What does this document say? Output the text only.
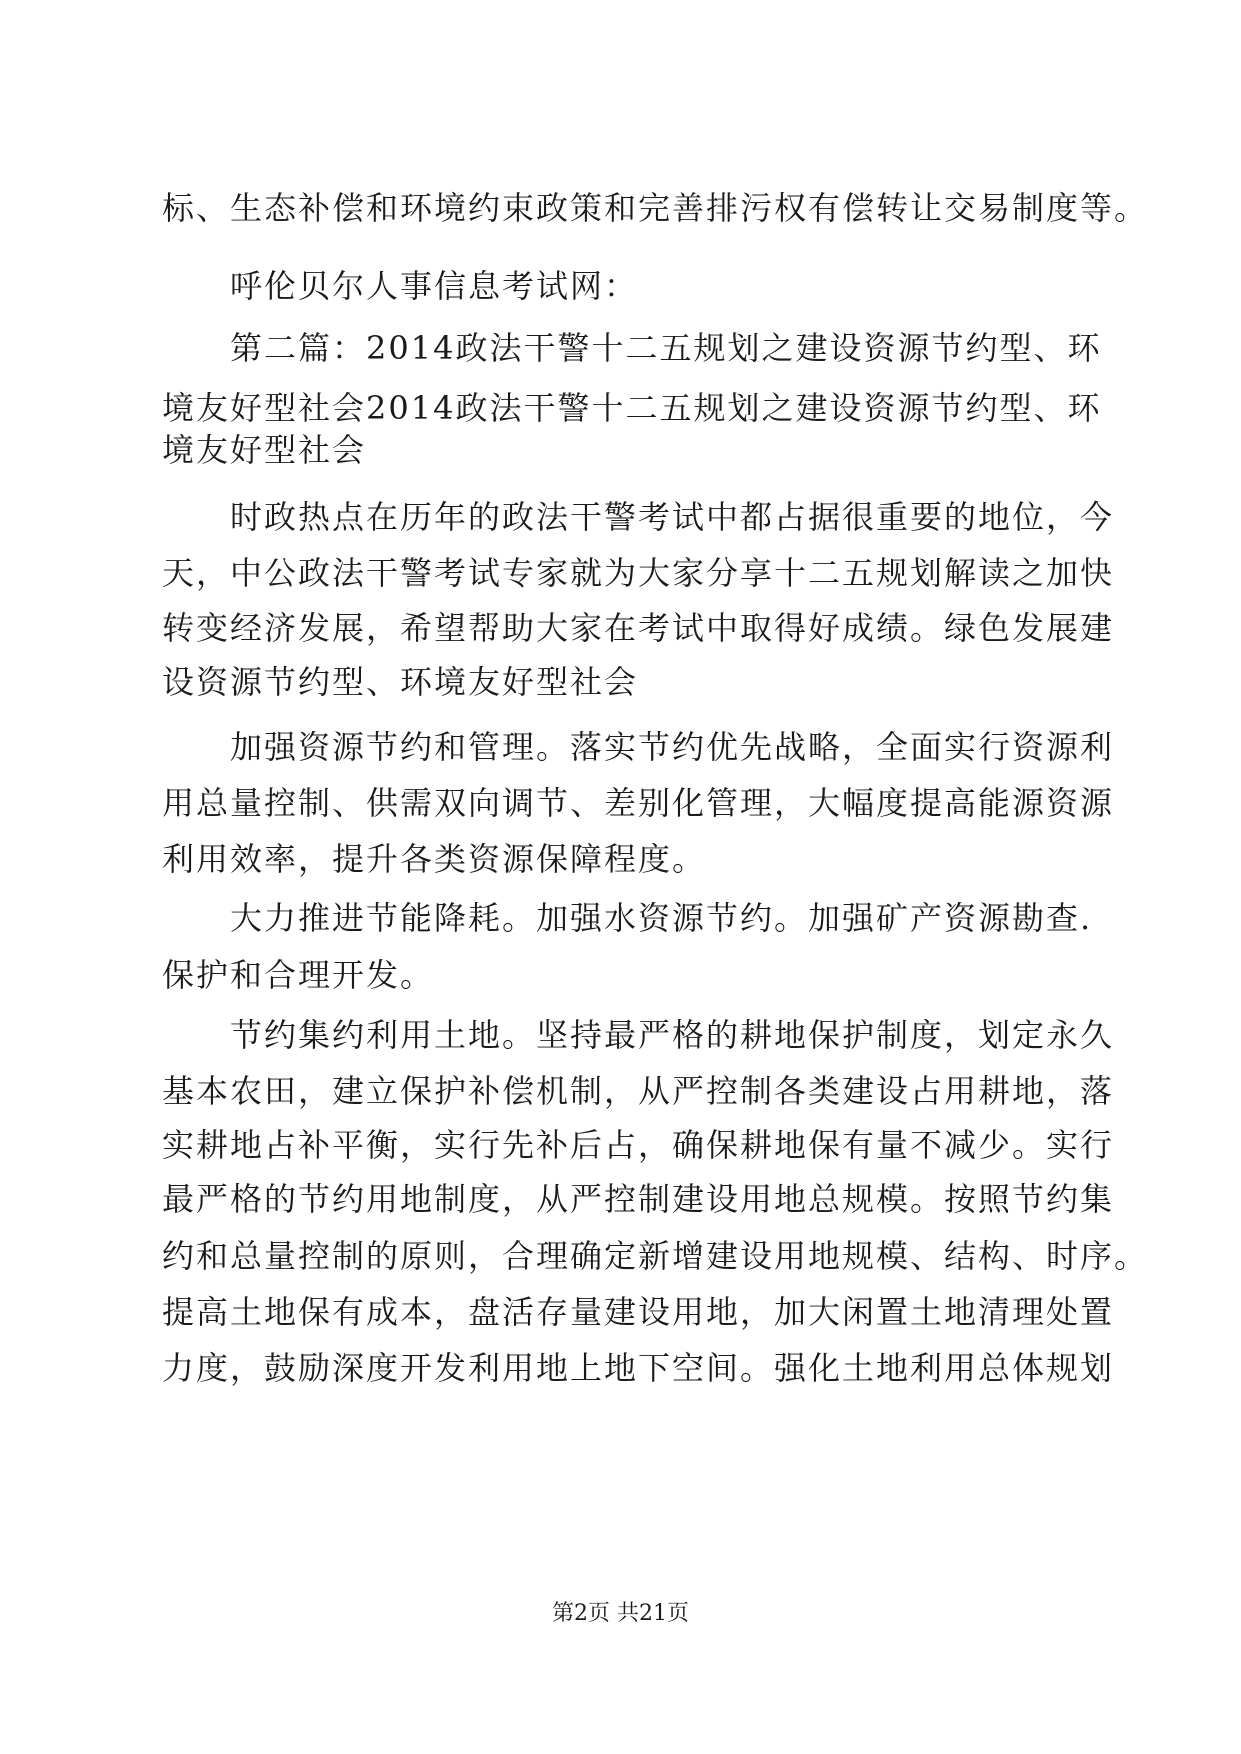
标、生态补偿和环境约束政策和完善排污权有偿转让交易制度等。
呼伦贝尔人事信息考试网：
第二篇：2014政法干警十二五规划之建设资源节约型、环
境友好型社会2014政法干警十二五规划之建设资源节约型、环
境友好型社会
时政热点在历年的政法干警考试中都占据很重要的地位，今
天，中公政法干警考试专家就为大家分享十二五规划解读之加快
转变经济发展，希望帮助大家在考试中取得好成绩。绿色发展建
设资源节约型、环境友好型社会
加强资源节约和管理。落实节约优先战略，全面实行资源利
用总量控制、供需双向调节、差别化管理，大幅度提高能源资源
利用效率，提升各类资源保障程度。
大力推进节能降耗。加强水资源节约。加强矿产资源勘查.
保护和合理开发。
节约集约利用土地。坚持最严格的耕地保护制度，划定永久
基本农田，建立保护补偿机制，从严控制各类建设占用耕地，落
实耕地占补平衡，实行先补后占，确保耕地保有量不减少。实行
最严格的节约用地制度，从严控制建设用地总规模。按照节约集
约和总量控制的原则，合理确定新增建设用地规模、结构、时序。
提高土地保有成本，盘活存量建设用地，加大闲置土地清理处置
力度，鼓励深度开发利用地上地下空间。强化土地利用总体规划
第2页 共21页
